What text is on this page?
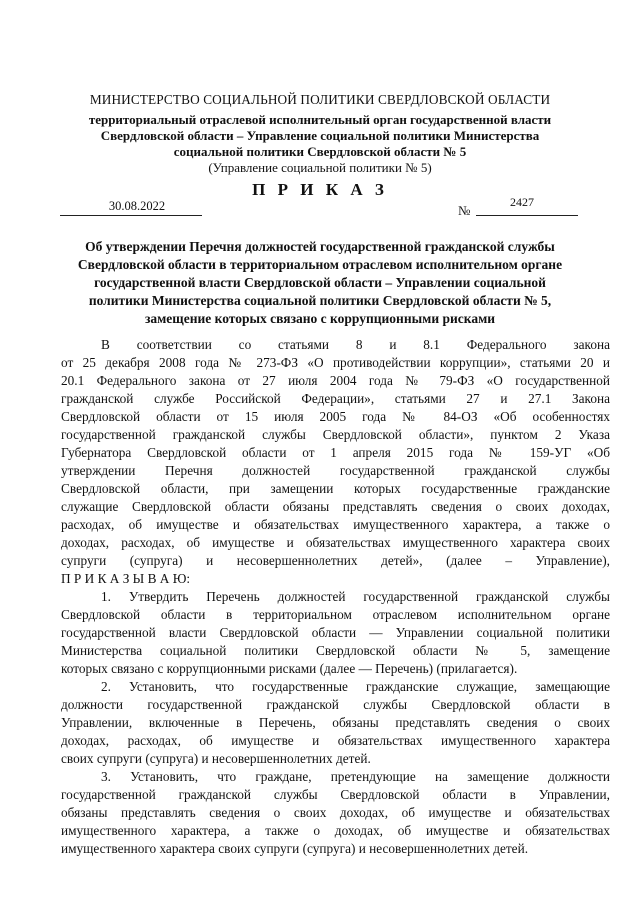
МИНИСТЕРСТВО СОЦИАЛЬНОЙ ПОЛИТИКИ СВЕРДЛОВСКОЙ ОБЛАСТИ
территориальный отраслевой исполнительный орган государственной власти
Свердловской области – Управление социальной политики Министерства
социальной политики Свердловской области № 5
(Управление социальной политики № 5)
П Р И К А З
30.08.2022	№
2427
Об утверждении Перечня должностей государственной гражданской службы
Свердловской области в территориальном отраслевом исполнительном органе
государственной власти Свердловской области – Управлении социальной
политики Министерства социальной политики Свердловской области № 5,
замещение которых связано с коррупционными рисками
В соответствии со статьями 8 и 8.1 Федерального закона
от 25 декабря 2008 года № 273-ФЗ «О противодействии коррупции», статьями 20 и
20.1 Федерального закона от 27 июля 2004 года № 79-ФЗ «О государственной
гражданской службе Российской Федерации», статьями 27 и 27.1 Закона
Свердловской области от 15 июля 2005 года № 84-ОЗ «Об особенностях
государственной гражданской службы Свердловской области», пунктом 2 Указа
Губернатора Свердловской области от 1 апреля 2015 года № 159-УГ «Об
утверждении Перечня должностей государственной гражданской службы
Свердловской области, при замещении которых государственные гражданские
служащие Свердловской области обязаны представлять сведения о своих доходах,
расходах, об имуществе и обязательствах имущественного характера, а также о
доходах, расходах, об имуществе и обязательствах имущественного характера своих
супруги (супруга) и несовершеннолетних детей», (далее – Управление),
П Р И К А З Ы В А Ю:
1. Утвердить Перечень должностей государственной гражданской службы
Свердловской области в территориальном отраслевом исполнительном органе
государственной власти Свердловской области — Управлении социальной политики
Министерства социальной политики Свердловской области № 5, замещение
которых связано с коррупционными рисками (далее — Перечень) (прилагается).
2. Установить, что государственные гражданские служащие, замещающие
должности государственной гражданской службы Свердловской области в
Управлении, включенные в Перечень, обязаны представлять сведения о своих
доходах, расходах, об имуществе и обязательствах имущественного характера
своих супруги (супруга) и несовершеннолетних детей.
3. Установить, что граждане, претендующие на замещение должности
государственной гражданской службы Свердловской области в Управлении,
обязаны представлять сведения о своих доходах, об имуществе и обязательствах
имущественного характера, а также о доходах, об имуществе и обязательствах
имущественного характера своих супруги (супруга) и несовершеннолетних детей.
